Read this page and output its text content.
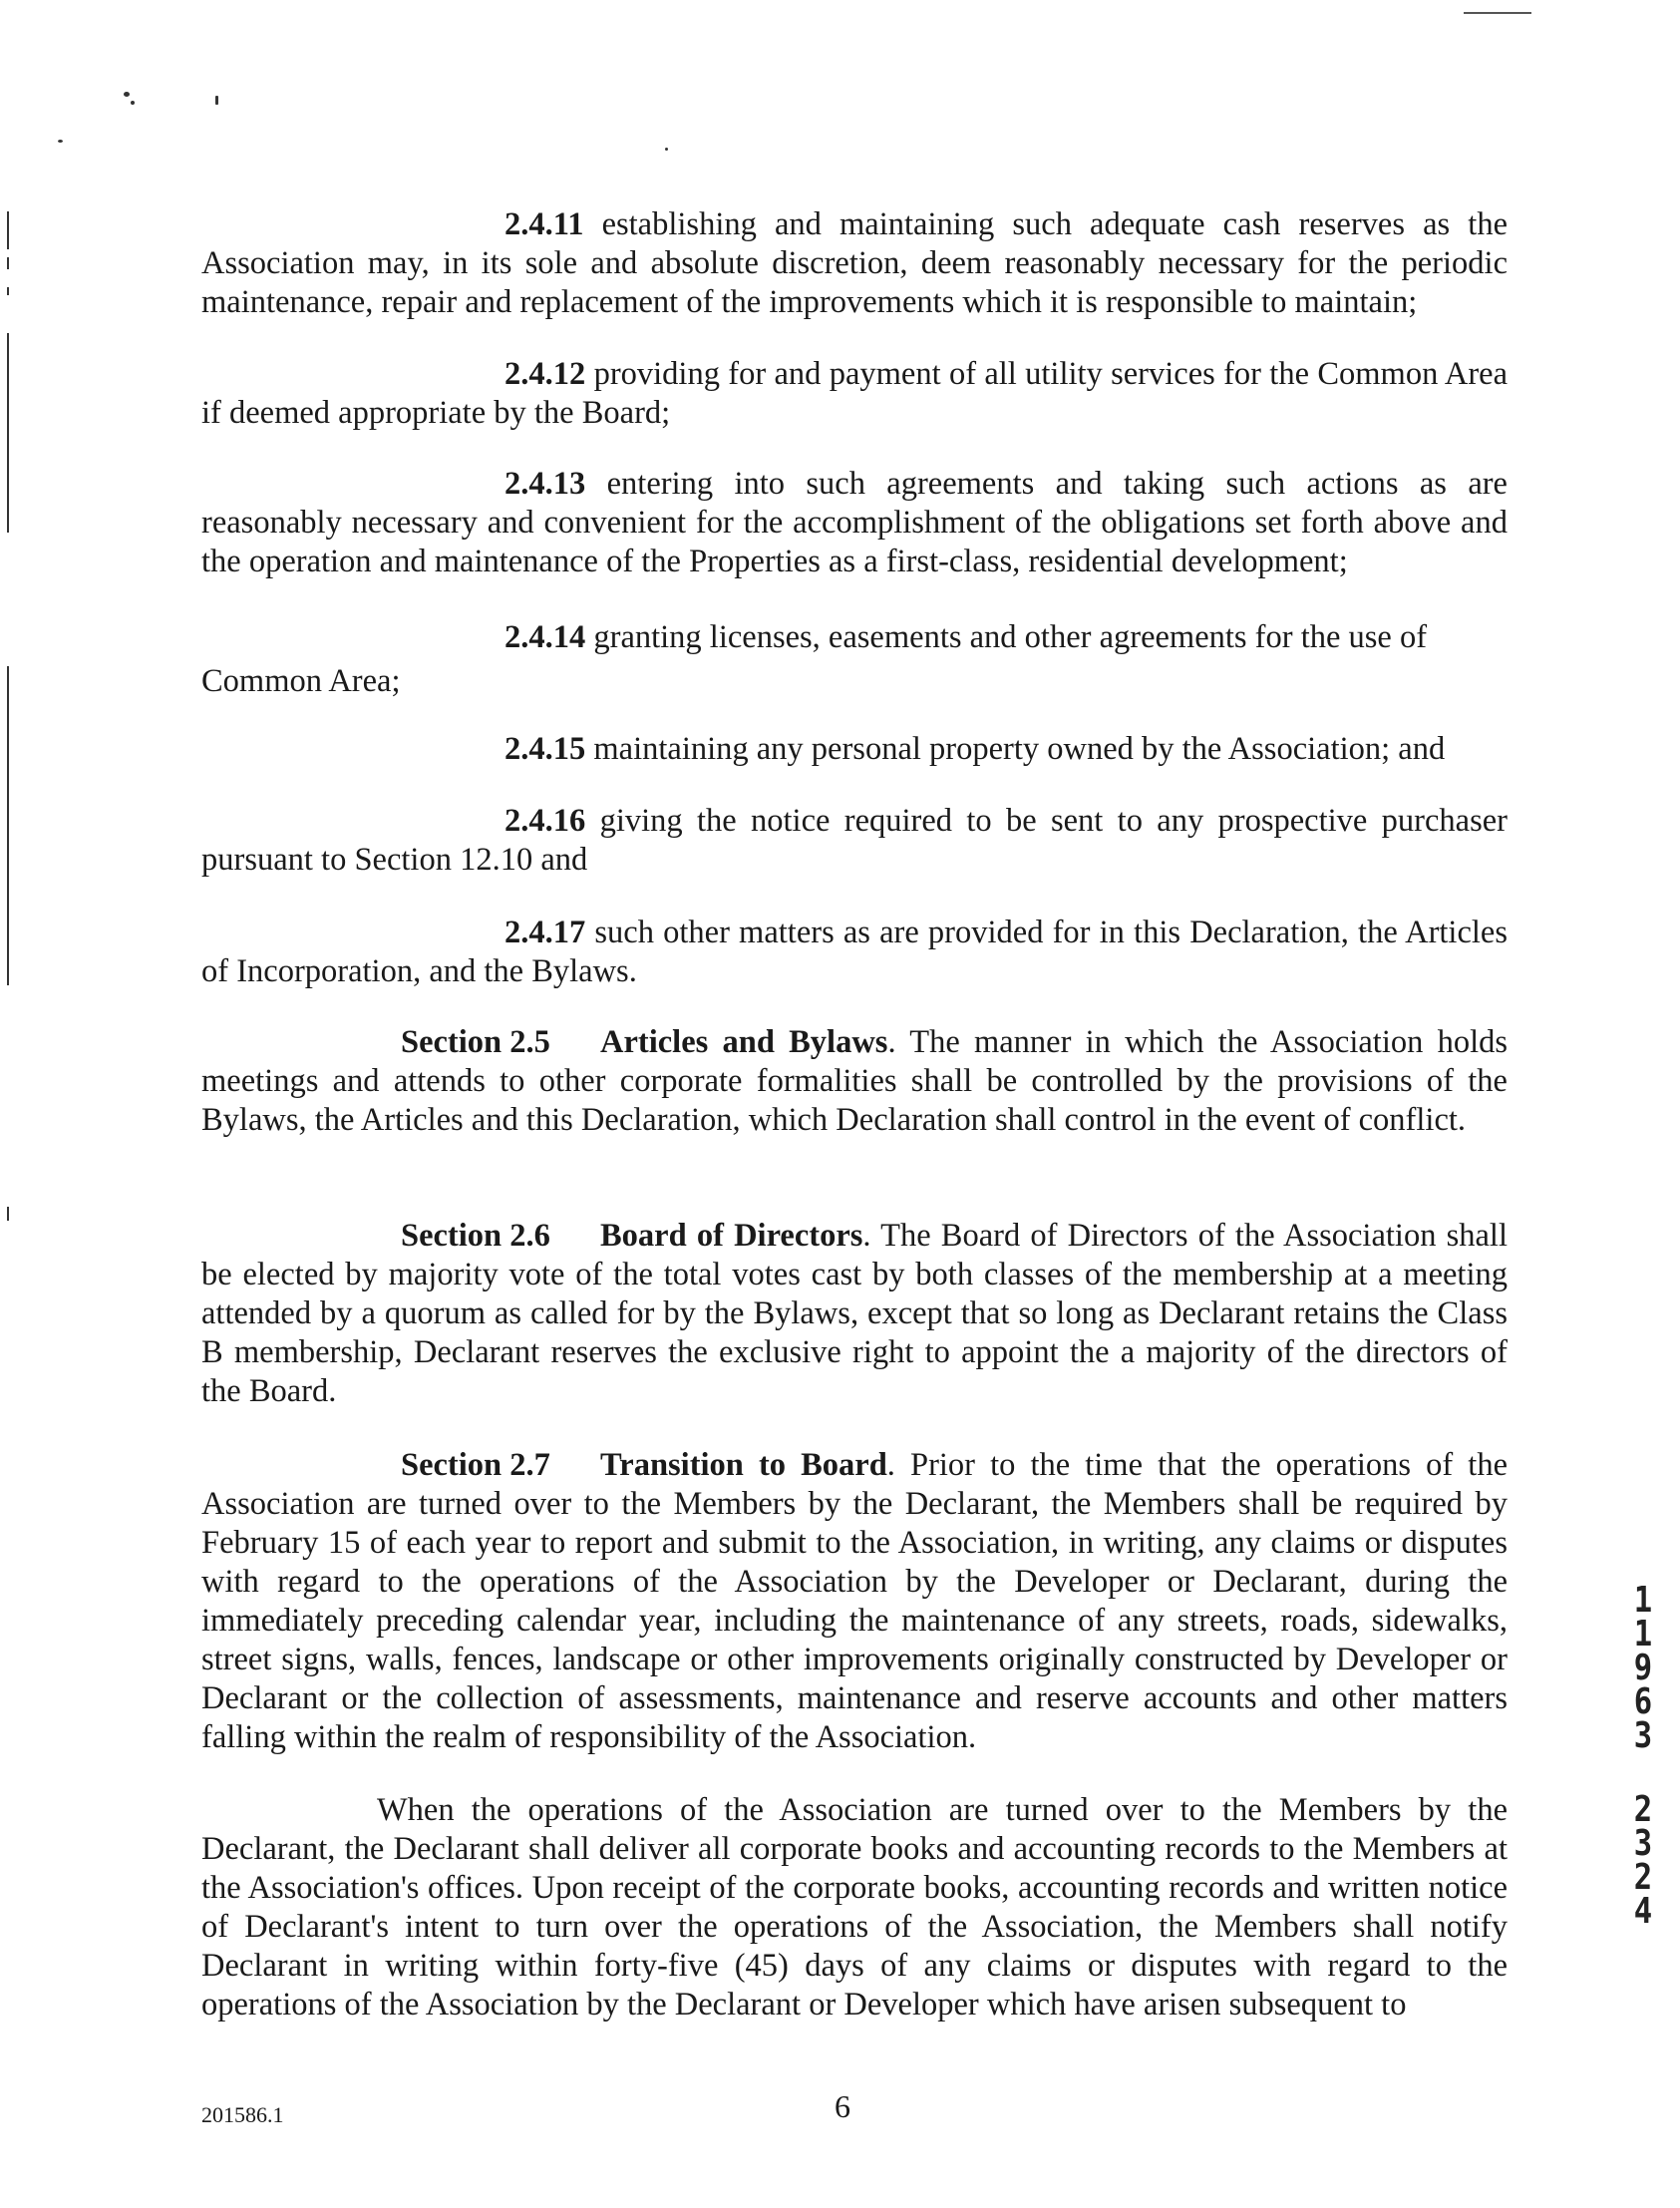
2.4.11 establishing and maintaining such adequate cash reserves as the Association may, in its sole and absolute discretion, deem reasonably necessary for the periodic maintenance, repair and replacement of the improvements which it is responsible to maintain;

2.4.12 providing for and payment of all utility services for the Common Area if deemed appropriate by the Board;

2.4.13 entering into such agreements and taking such actions as are reasonably necessary and convenient for the accomplishment of the obligations set forth above and the operation and maintenance of the Properties as a first-class, residential development;

2.4.14 granting licenses, easements and other agreements for the use of

Common Area;

2.4.15 maintaining any personal property owned by the Association; and

2.4.16 giving the notice required to be sent to any prospective purchaser pursuant to Section 12.10 and

2.4.17 such other matters as are provided for in this Declaration, the Articles of Incorporation, and the Bylaws.

Section 2.5 Articles and Bylaws. The manner in which the Association holds meetings and attends to other corporate formalities shall be controlled by the provisions of the Bylaws, the Articles and this Declaration, which Declaration shall control in the event of conflict.

Section 2.6 Board of Directors. The Board of Directors of the Association shall be elected by majority vote of the total votes cast by both classes of the membership at a meeting attended by a quorum as called for by the Bylaws, except that so long as Declarant retains the Class B membership, Declarant reserves the exclusive right to appoint the a majority of the directors of the Board.

Section 2.7 Transition to Board. Prior to the time that the operations of the Association are turned over to the Members by the Declarant, the Members shall be required by February 15 of each year to report and submit to the Association, in writing, any claims or disputes with regard to the operations of the Association by the Developer or Declarant, during the immediately preceding calendar year, including the maintenance of any streets, roads, sidewalks, street signs, walls, fences, landscape or other improvements originally constructed by Developer or Declarant or the collection of assessments, maintenance and reserve accounts and other matters falling within the realm of responsibility of the Association.

When the operations of the Association are turned over to the Members by the Declarant, the Declarant shall deliver all corporate books and accounting records to the Members at the Association's offices. Upon receipt of the corporate books, accounting records and written notice of Declarant's intent to turn over the operations of the Association, the Members shall notify Declarant in writing within forty-five (45) days of any claims or disputes with regard to the operations of the Association by the Declarant or Developer which have arisen subsequent to

201586.1	6
1
1
9
6
3
2
3
2
4
